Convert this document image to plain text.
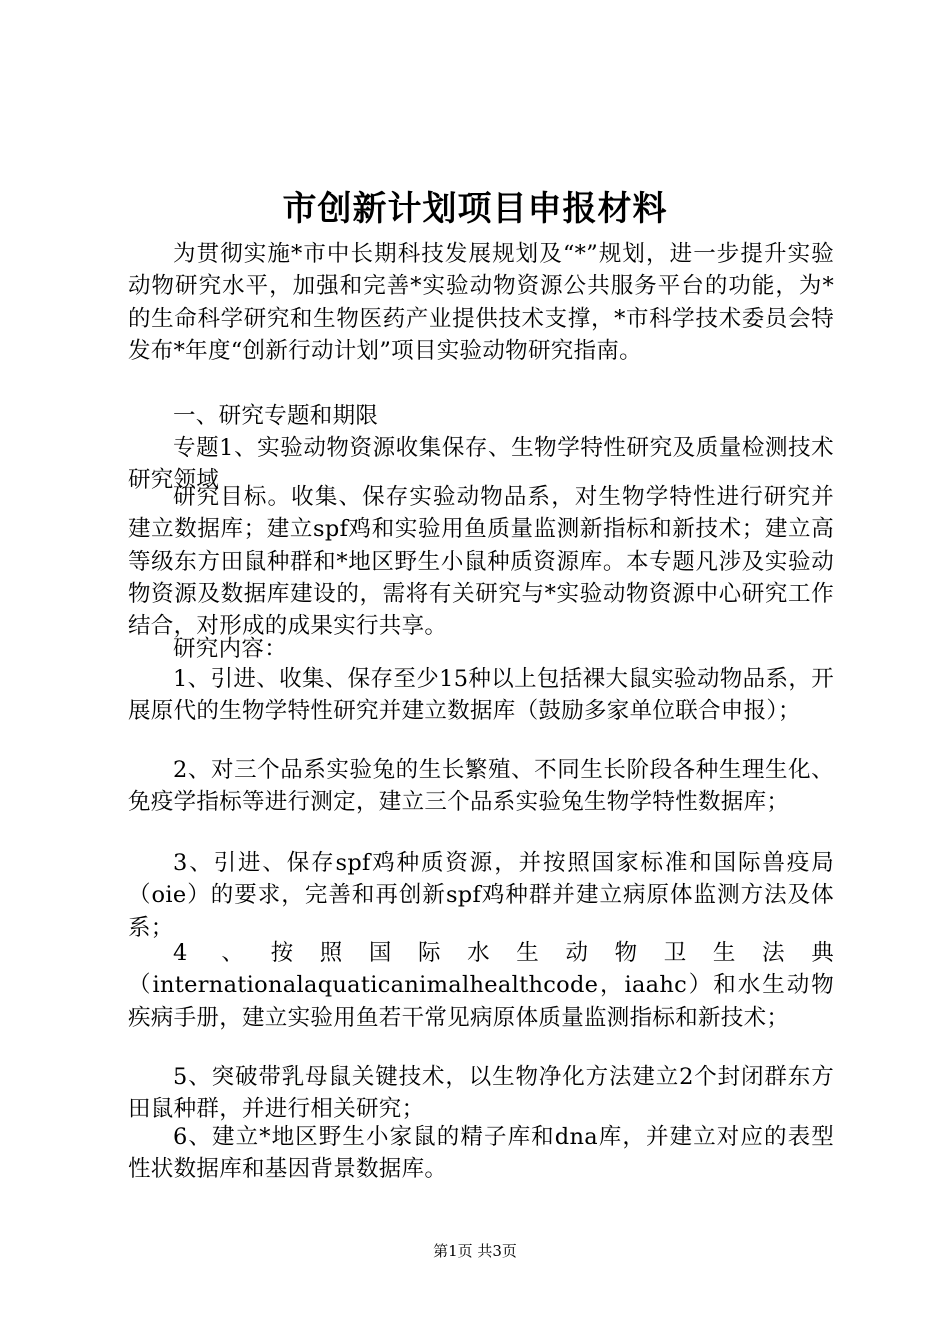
市创新计划项目申报材料

为贯彻实施*市中长期科技发展规划及“*”规划，进一步提升实验动物研究水平，加强和完善*实验动物资源公共服务平台的功能，为*的生命科学研究和生物医药产业提供技术支撑，*市科学技术委员会特发布*年度“创新行动计划”项目实验动物研究指南。

一、研究专题和期限

专题1、实验动物资源收集保存、生物学特性研究及质量检测技术研究领域

研究目标。收集、保存实验动物品系，对生物学特性进行研究并建立数据库；建立spf鸡和实验用鱼质量监测新指标和新技术；建立高等级东方田鼠种群和*地区野生小鼠种质资源库。本专题凡涉及实验动物资源及数据库建设的，需将有关研究与*实验动物资源中心研究工作结合，对形成的成果实行共享。

研究内容：

1、引进、收集、保存至少15种以上包括裸大鼠实验动物品系，开展原代的生物学特性研究并建立数据库（鼓励多家单位联合申报）；

2、对三个品系实验兔的生长繁殖、不同生长阶段各种生理生化、免疫学指标等进行测定，建立三个品系实验兔生物学特性数据库；

3、引进、保存spf鸡种质资源，并按照国家标准和国际兽疫局（oie）的要求，完善和再创新spf鸡种群并建立病原体监测方法及体系；

4 、按照国际水生动物卫生法典（internationalaquaticanimalhealthcode，iaahc）和水生动物疾病手册，建立实验用鱼若干常见病原体质量监测指标和新技术；

5、突破带乳母鼠关键技术，以生物净化方法建立2个封闭群东方田鼠种群，并进行相关研究；

6、建立*地区野生小家鼠的精子库和dna库，并建立对应的表型性状数据库和基因背景数据库。

第1页 共3页
